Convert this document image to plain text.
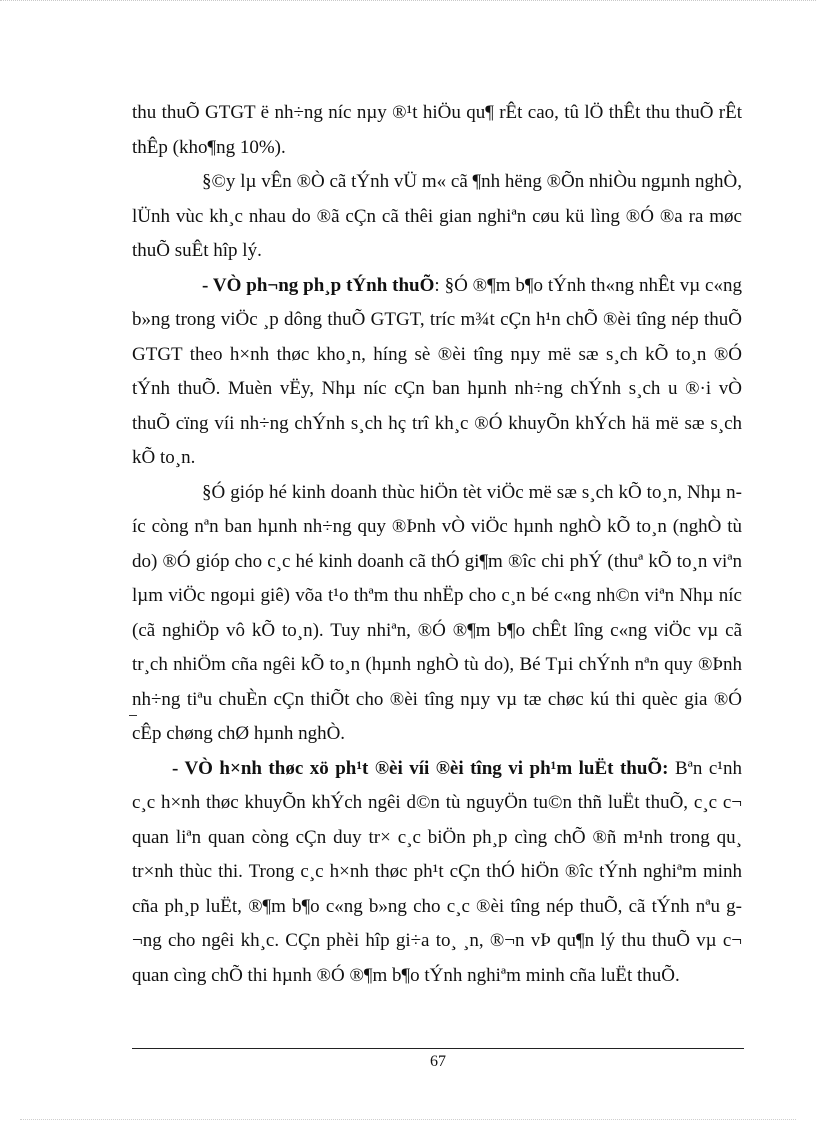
thu thuÕ GTGT ë nh÷ng níc nµy ®¹t hiÖu qu¶ rÊt cao, tû lÖ thÊt thu thuÕ rÊt thÊp (kho¶ng 10%).

§©y lµ vÊn ®Ò cã tÝnh vÜ m« cã ¶nh hëng ®Õn nhiÒu ngµnh nghÒ, lÜnh vùc kh¸c nhau do ®ã cÇn cã thêi gian nghiªn cøu kü lìng ®Ó ®a ra møc thuÕ suÊt hîp lý.

- VÒ ph¬ng ph¸p tÝnh thuÕ: §Ó ®¶m b¶o tÝnh th«ng nhÊt vµ c«ng b»ng trong viÖc ¸p dông thuÕ GTGT, tríc m¾t cÇn h¹n chÕ ®èi tîng nép thuÕ GTGT theo h×nh thøc kho¸n, híng sè ®èi tîng nµy më sæ s¸ch kÕ to¸n ®Ó tÝnh thuÕ. Muèn vËy, Nhµ níc cÇn ban hµnh nh÷ng chÝnh s¸ch u ®·i vÒ thuÕ cïng víi nh÷ng chÝnh s¸ch hç trî kh¸c ®Ó khuyÕn khÝch hä më sæ s¸ch kÕ to¸n.

§Ó gióp hé kinh doanh thùc hiÖn tèt viÖc më sæ s¸ch kÕ to¸n, Nhµ níc còng nªn ban hµnh nh÷ng quy ®Þnh vÒ viÖc hµnh nghÒ kÕ to¸n (nghÒ tù do) ®Ó gióp cho c¸c hé kinh doanh cã thÓ gi¶m ®îc chi phÝ (thuª kÕ to¸n viªn lµm viÖc ngoµi giê) võa t¹o thªm thu nhËp cho c¸n bé c«ng nh©n viªn Nhµ níc (cã nghiÖp vô kÕ to¸n). Tuy nhiªn, ®Ó ®¶m b¶o chÊt lîng c«ng viÖc vµ cã tr¸ch nhiÖm cña ngêi kÕ to¸n (hµnh nghÒ tù do), Bé Tµi chÝnh nªn quy ®Þnh nh÷ng tiªu chuÈn cÇn thiÕt cho ®èi tîng nµy vµ tæ chøc kú thi quèc gia ®Ó cÊp chøng chØ hµnh nghÒ.

- VÒ h×nh thøc xö ph¹t ®èi víi ®èi tîng vi ph¹m luËt thuÕ: Bªn c¹nh c¸c h×nh thøc khuyÕn khÝch ngêi d©n tù nguyÖn tu©n thñ luËt thuÕ, c¸c c¬ quan liªn quan còng cÇn duy tr× c¸c biÖn ph¸p cìng chÕ ®ñ m¹nh trong qu¸ tr×nh thùc thi. Trong c¸c h×nh thøc ph¹t cÇn thÓ hiÖn ®îc tÝnh nghiªm minh cña ph¸p luËt, ®¶m b¶o c«ng b»ng cho c¸c ®èi tîng nép thuÕ, cã tÝnh nªu g¬ng cho ngêi kh¸c. CÇn phèi hîp gi÷a to¸ ¸n, ®¬n vÞ qu¶n lý thu thuÕ vµ c¬ quan cìng chÕ thi hµnh ®Ó ®¶m b¶o tÝnh nghiªm minh cña luËt thuÕ.

67
